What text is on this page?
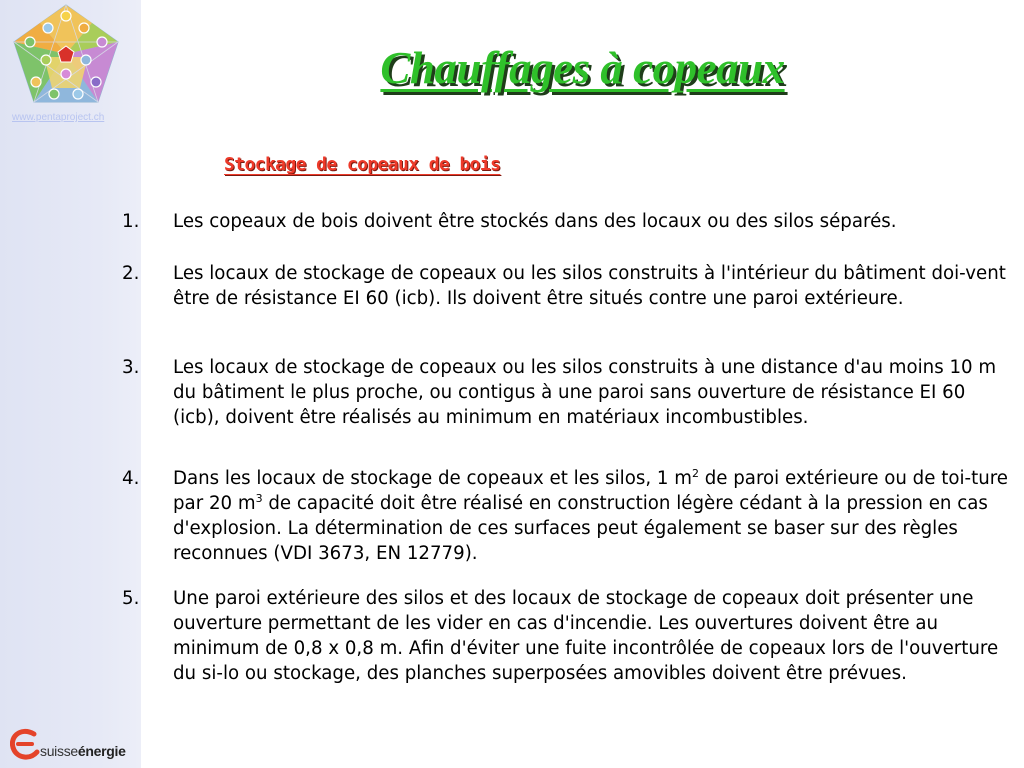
www.pentaproject.ch
suisseénergie
Chauffages à copeaux
Stockage de copeaux de bois
1. Les copeaux de bois doivent être stockés dans des locaux ou des silos séparés.
2. Les locaux de stockage de copeaux ou les silos construits à l'intérieur du bâtiment doi-vent être de résistance EI 60 (icb). Ils doivent être situés contre une paroi extérieure.
3. Les locaux de stockage de copeaux ou les silos construits à une distance d'au moins 10 m du bâtiment le plus proche, ou contigus à une paroi sans ouverture de résistance EI 60 (icb), doivent être réalisés au minimum en matériaux incombustibles.
4. Dans les locaux de stockage de copeaux et les silos, 1 $m^2$ de paroi extérieure ou de toi-ture par 20 $m^3$ de capacité doit être réalisé en construction légère cédant à la pression en cas d'explosion. La détermination de ces surfaces peut également se baser sur des règles reconnues (VDI 3673, EN 12779).
5. Une paroi extérieure des silos et des locaux de stockage de copeaux doit présenter une ouverture permettant de les vider en cas d'incendie. Les ouvertures doivent être au minimum de 0,8 x 0,8 m. Afin d'éviter une fuite incontrôlée de copeaux lors de l'ouverture du si-lo ou stockage, des planches superposées amovibles doivent être prévues.
